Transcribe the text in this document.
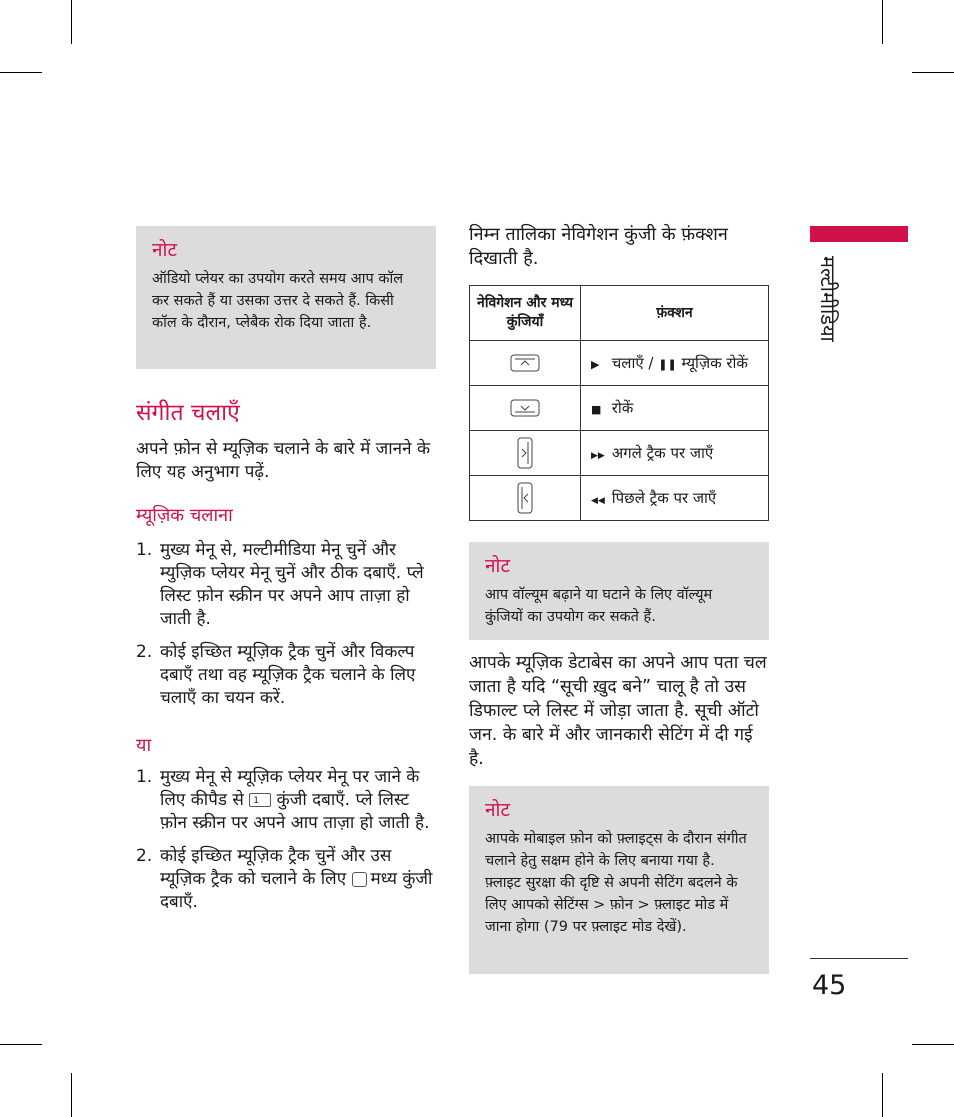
नोट

ऑडियो प्लेयर का उपयोग करते समय आप कॉल कर सकते हैं या उसका उत्तर दे सकते हैं. किसी कॉल के दौरान, प्लेबैक रोक दिया जाता है.

संगीत चलाएँ

अपने फ़ोन से म्यूज़िक चलाने के बारे में जानने के लिए यह अनुभाग पढ़ें.

म्यूज़िक चलाना
1. मुख्य मेनू से, मल्टीमीडिया मेनू चुनें और म्युज़िक प्लेयर मेनू चुनें और ठीक दबाएँ. प्ले लिस्ट फ़ोन स्क्रीन पर अपने आप ताज़ा हो जाती है.
2. कोई इच्छित म्यूज़िक ट्रैक चुनें और विकल्प दबाएँ तथा वह म्यूज़िक ट्रैक चलाने के लिए चलाएँ का चयन करें.
या
1. मुख्य मेनू से म्यूज़िक प्लेयर मेनू पर जाने के लिए कीपैड से 1 कुंजी दबाएँ. प्ले लिस्ट फ़ोन स्क्रीन पर अपने आप ताज़ा हो जाती है.
2. कोई इच्छित म्यूज़िक ट्रैक चुनें और उस म्यूज़िक ट्रैक को चलाने के लिए मध्य कुंजी दबाएँ.

निम्न तालिका नेविगेशन कुंजी के फ़ंक्शन दिखाती है.

नेविगेशन और मध्य कुंजियाँ	फ़ंक्शन
	▶ चलाएँ / ❚❚ म्यूज़िक रोकें
	■ रोकें
	▶▶ अगले ट्रैक पर जाएँ
	◀◀ पिछले ट्रैक पर जाएँ

नोट

आप वॉल्यूम बढ़ाने या घटाने के लिए वॉल्यूम कुंजियों का उपयोग कर सकते हैं.

आपके म्यूज़िक डेटाबेस का अपने आप पता चल जाता है यदि “सूची ख़ुद बने” चालू है तो उस डिफाल्ट प्ले लिस्ट में जोड़ा जाता है. सूची ऑटो जन. के बारे में और जानकारी सेटिंग में दी गई है.

नोट

आपके मोबाइल फ़ोन को फ़्लाइट्स के दौरान संगीत चलाने हेतु सक्षम होने के लिए बनाया गया है. फ़्लाइट सुरक्षा की दृष्टि से अपनी सेटिंग बदलने के लिए आपको सेटिंग्स > फ़ोन > फ़्लाइट मोड में जाना होगा (79 पर फ़्लाइट मोड देखें).

मल्टीमीडिया
45
